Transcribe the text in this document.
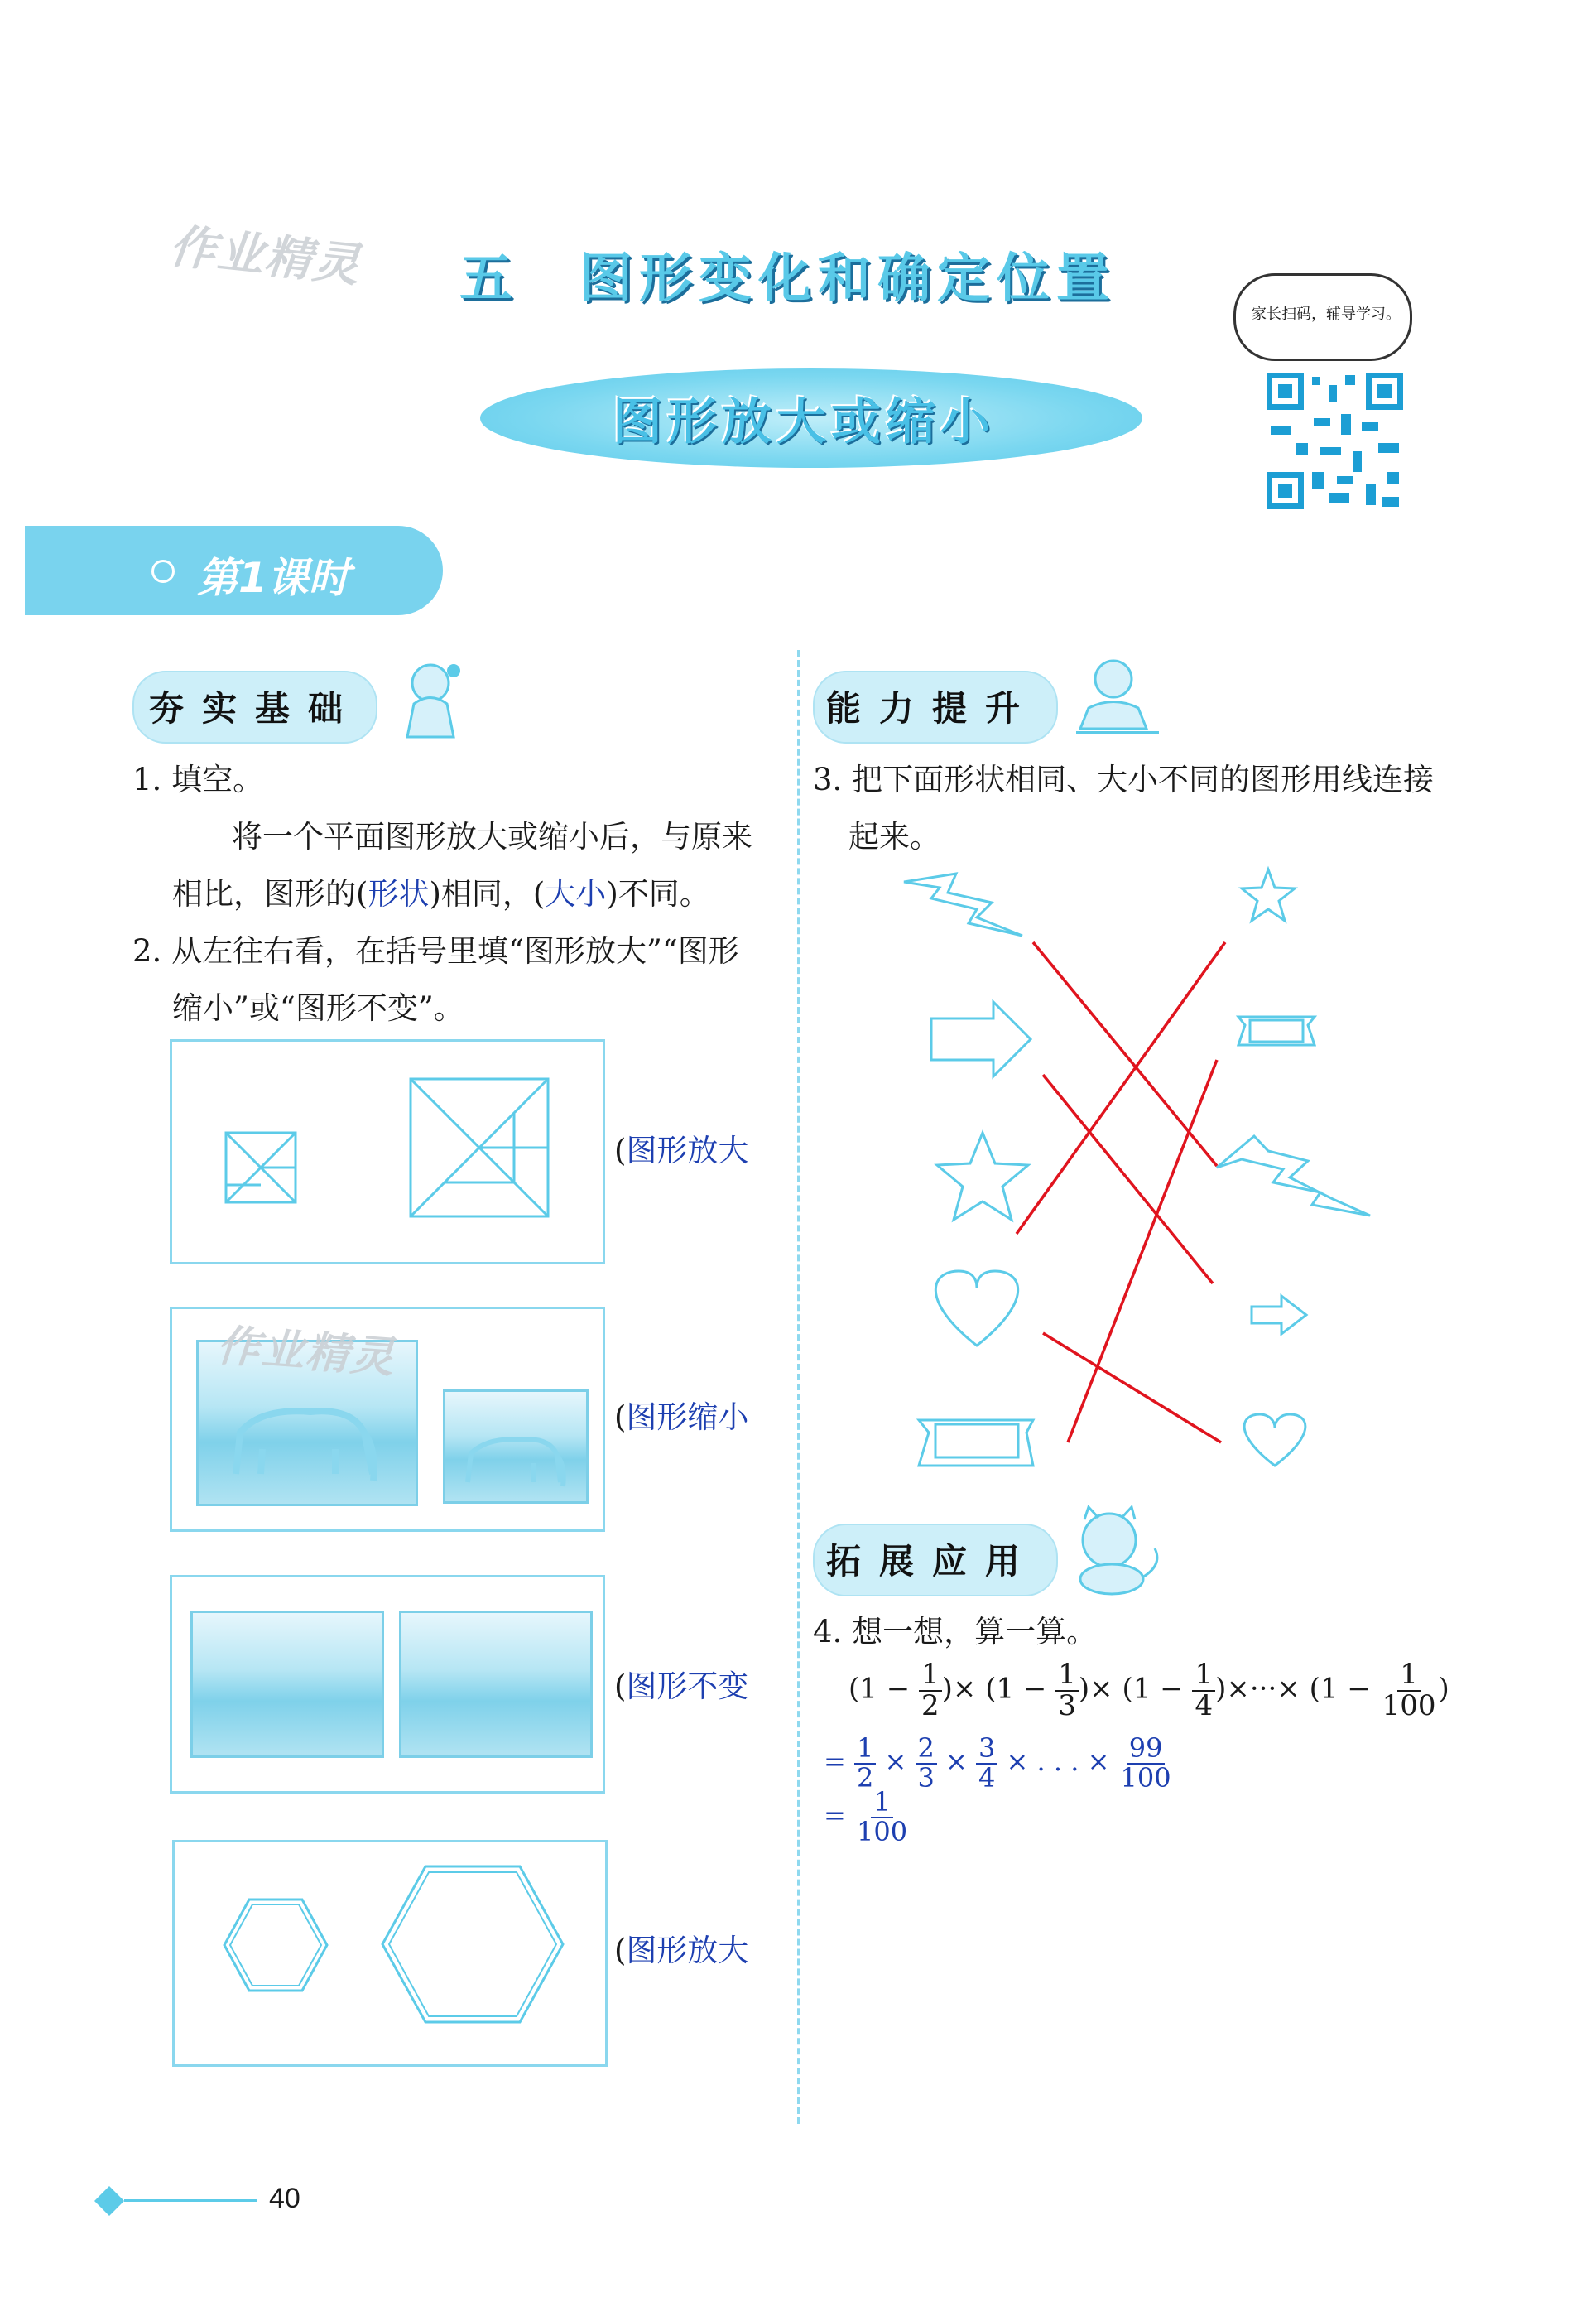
作业精灵 五 图形变化和确定位置
图形放大或缩小
家长扫码，辅导学习。
第1课时
夯实基础
1. 填空。
将一个平面图形放大或缩小后，与原来
相比，图形的(形状)相同，(大小)不同。
2. 从左往右看，在括号里填“图形放大”“图形
缩小”或“图形不变”。
(图形放大
作业精灵
(图形缩小
(图形不变
(图形放大
能力提升
3. 把下面形状相同、大小不同的图形用线连接
起来。
拓展应用
4. 想一想，算一算。
($1 - \frac{1}{2}$ )× ($1 - \frac{1}{3}$ )× ($1 - \frac{1}{4}$ )×···× ($1 - \frac{1}{100}$ )
= $\frac{1}{2} \times \frac{2}{3} \times \frac{3}{4}$ × . . . × $\frac{99}{100}$
= $\frac{1}{100}$
40
